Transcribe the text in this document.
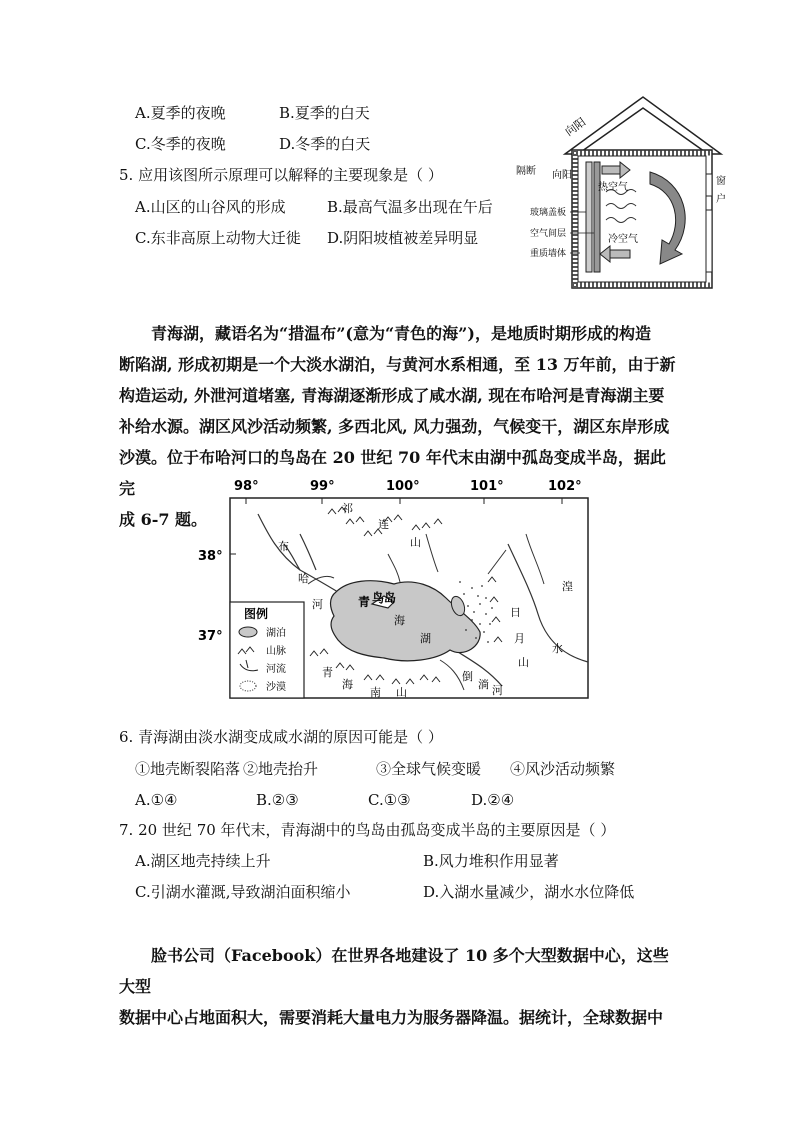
A.夏季的夜晚	B.夏季的白天
C.冬季的夜晚	D.冬季的白天
5. 应用该图所示原理可以解释的主要现象是（ ）
A.山区的山谷风的形成	B.最高气温多出现在午后
C.东非高原上动物大迁徙 D.阴阳坡植被差异明显
向阳
向阳
热空气
冷空气
隔断
玻璃盖板
空气间层
重质墙体
窗
户

青海湖，藏语名为“措温布”(意为“青色的海”)，是地质时期形成的构造

断陷湖, 形成初期是一个大淡水湖泊，与黄河水系相通，至 13 万年前，由于新

构造运动, 外泄河道堵塞, 青海湖逐渐形成了咸水湖, 现在布哈河是青海湖主要

补给水源。湖区风沙活动频繁, 多西北风, 风力强劲，气候变干，湖区东岸形成

沙漠。位于布哈河口的鸟岛在 20 世纪 70 年代末由湖中孤岛变成半岛，据此完

成 6-7 题。

98°	99°	100°	101°	102°
38°
37°
图例
湖泊
山脉
河流
沙漠
祁
连
山
布
哈
河	鸟岛
青
海
湖
日
月
山
湟
水
青
海
南 山
倒
淌 河
6. 青海湖由淡水湖变成咸水湖的原因可能是（ ）
①地壳断裂陷落 ②地壳抬升	③全球气候变暖 ④风沙活动频繁
A.①④	B.②③	C.①③	D.②④
7. 20 世纪 70 年代末，青海湖中的鸟岛由孤岛变成半岛的主要原因是（ ）
A.湖区地壳持续上升	B.风力堆积作用显著
C.引湖水灌溉,导致湖泊面积缩小	D.入湖水量减少，湖水水位降低

脸书公司（Facebook）在世界各地建设了 10 多个大型数据中心，这些大型

数据中心占地面积大，需要消耗大量电力为服务器降温。据统计，全球数据中
